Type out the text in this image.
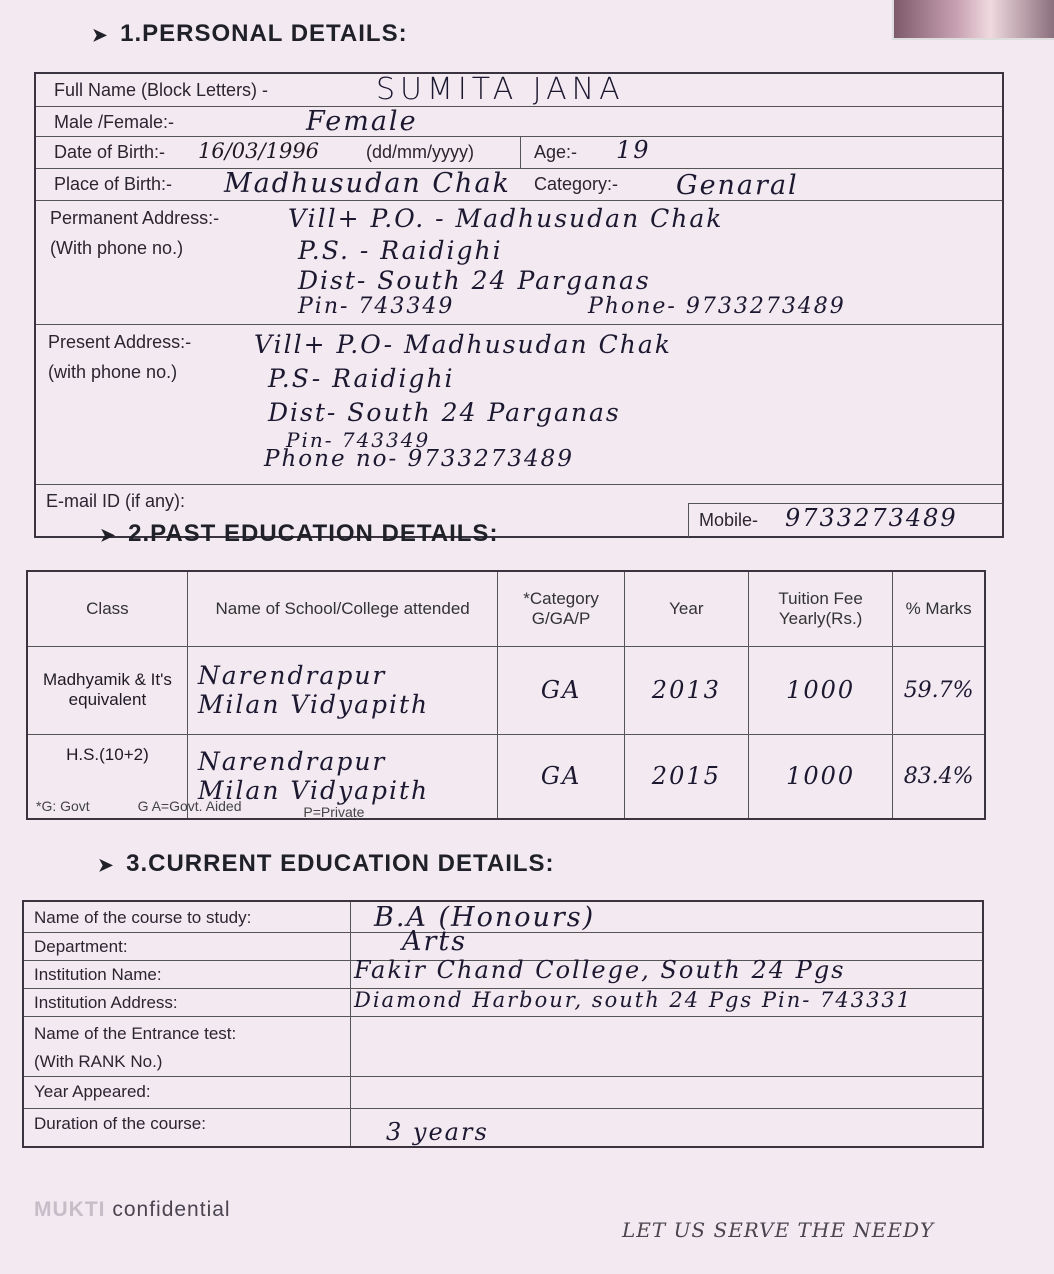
➤ 1.PERSONAL DETAILS:
Full Name (Block Letters) -	SUMITA JANA
Male /Female:-	Female
Date of Birth:- 16/03/1996	(dd/mm/yyyy)	Age:- 19
Place of Birth:- Madhusudan Chak Category:- Genaral
Permanent Address:-
(With phone no.)
Vill+ P.O. - Madhusudan Chak
P.S. - Raidighi
Dist- South 24 Parganas
Pin- 743349	Phone- 9733273489
Present Address:-
(with phone no.)
Vill+ P.O- Madhusudan Chak
P.S- Raidighi
Dist- South 24 Parganas
Pin- 743349
Phone no- 9733273489
E-mail ID (if any):
Mobile- 9733273489
➤ 2.PAST EDUCATION DETAILS:
Class	Name of School/College attended	*Category G/GA/P	Year	Tuition Fee Yearly(Rs.)	% Marks
Madhyamik & It's equivalent	Narendrapur
Milan Vidyapith	GA	2013	1000	59.7%
H.S.(10+2)	Narendrapur
Milan Vidyapith	GA	2015	1000	83.4%
*G: Govt	G A=Govt. Aided	P=Private
➤ 3.CURRENT EDUCATION DETAILS:
Name of the course to study:	B.A (Honours)
Department:	Arts
Institution Name:	Fakir Chand College, South 24 Pgs
Institution Address:	Diamond Harbour, south 24 Pgs Pin- 743331
Name of the Entrance test:
(With RANK No.)
Year Appeared:
Duration of the course:	3 years
MUKTI confidential
LET US SERVE THE NEEDY
